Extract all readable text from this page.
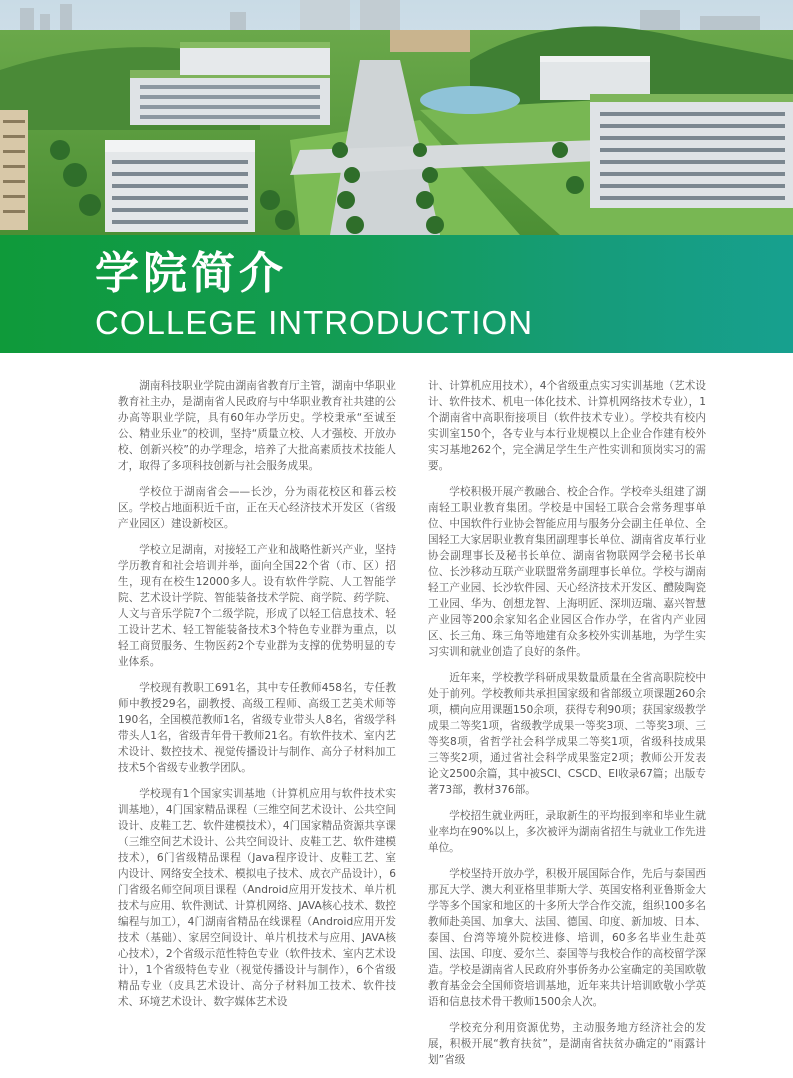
学院简介
COLLEGE INTRODUCTION

湖南科技职业学院由湖南省教育厅主管，湖南中华职业教育社主办，是湖南省人民政府与中华职业教育社共建的公办高等职业学院，具有60年办学历史。学校秉承“至诚至公、精业乐业”的校训，坚持“质量立校、人才强校、开放办校、创新兴校”的办学理念，培养了大批高素质技术技能人才，取得了多项科技创新与社会服务成果。

学校位于湖南省会——长沙，分为雨花校区和暮云校区。学校占地面积近千亩，正在天心经济技术开发区（省级产业园区）建设新校区。

学校立足湖南，对接轻工产业和战略性新兴产业，坚持学历教育和社会培训并举，面向全国22个省（市、区）招生，现有在校生12000多人。设有软件学院、人工智能学院、艺术设计学院、智能装备技术学院、商学院、药学院、人文与音乐学院7个二级学院，形成了以轻工信息技术、轻工设计艺术、轻工智能装备技术3个特色专业群为重点，以轻工商贸服务、生物医药2个专业群为支撑的优势明显的专业体系。

学校现有教职工691名，其中专任教师458名，专任教师中教授29名，副教授、高级工程师、高级工艺美术师等190名，全国模范教师1名，省级专业带头人8名，省级学科带头人1名，省级青年骨干教师21名。有软件技术、室内艺术设计、数控技术、视觉传播设计与制作、高分子材料加工技术5个省级专业教学团队。

学校现有1个国家实训基地（计算机应用与软件技术实训基地），4门国家精品课程（三维空间艺术设计、公共空间设计、皮鞋工艺、软件建模技术），4门国家精品资源共享课（三维空间艺术设计、公共空间设计、皮鞋工艺、软件建模技术），6门省级精品课程（Java程序设计、皮鞋工艺、室内设计、网络安全技术、模拟电子技术、成衣产品设计），6门省级名师空间项目课程（Android应用开发技术、单片机技术与应用、软件测试、计算机网络、JAVA核心技术、数控编程与加工），4门湖南省精品在线课程（Android应用开发技术（基础）、家居空间设计、单片机技术与应用、JAVA核心技术），2个省级示范性特色专业（软件技术、室内艺术设计），1个省级特色专业（视觉传播设计与制作），6个省级精品专业（皮具艺术设计、高分子材料加工技术、软件技术、环境艺术设计、数字媒体艺术设

计、计算机应用技术），4个省级重点实习实训基地（艺术设计、软件技术、机电一体化技术、计算机网络技术专业），1个湖南省中高职衔接项目（软件技术专业）。学校共有校内实训室150个，各专业与本行业规模以上企业合作建有校外实习基地262个，完全满足学生生产性实训和顶岗实习的需要。

学校积极开展产教融合、校企合作。学校牵头组建了湖南轻工职业教育集团。学校是中国轻工联合会常务理事单位、中国软件行业协会智能应用与服务分会副主任单位、全国轻工大家居职业教育集团副理事长单位、湖南省皮革行业协会副理事长及秘书长单位、湖南省物联网学会秘书长单位、长沙移动互联产业联盟常务副理事长单位。学校与湖南轻工产业园、长沙软件园、天心经济技术开发区、醴陵陶瓷工业园、华为、创想龙智、上海明匠、深圳迈瑞、嘉兴智慧产业园等200余家知名企业园区合作办学，在省内产业园区、长三角、珠三角等地建有众多校外实训基地，为学生实习实训和就业创造了良好的条件。

近年来，学校教学科研成果数量质量在全省高职院校中处于前列。学校教师共承担国家级和省部级立项课题260余项，横向应用课题150余项，获得专利90项；获国家级教学成果二等奖1项，省级教学成果一等奖3项、二等奖3项、三等奖8项，省哲学社会科学成果二等奖1项，省级科技成果三等奖2项，通过省社会科学成果鉴定2项；教师公开发表论文2500余篇，其中被SCI、CSCD、EI收录67篇；出版专著73部，教材376部。

学校招生就业两旺，录取新生的平均报到率和毕业生就业率均在90%以上，多次被评为湖南省招生与就业工作先进单位。

学校坚持开放办学，积极开展国际合作，先后与泰国西那瓦大学、澳大利亚格里菲斯大学、英国安格利亚鲁斯金大学等多个国家和地区的十多所大学合作交流，组织100多名教师赴美国、加拿大、法国、德国、印度、新加坡、日本、泰国、台湾等境外院校进修、培训，60多名毕业生赴英国、法国、印度、爱尔兰、泰国等与我校合作的高校留学深造。学校是湖南省人民政府外事侨务办公室确定的美国欧敬教育基金会全国师资培训基地，近年来共计培训欧敬小学英语和信息技术骨干教师1500余人次。

学校充分利用资源优势，主动服务地方经济社会的发展，积极开展“教育扶贫”，是湖南省扶贫办确定的“雨露计划”省级
